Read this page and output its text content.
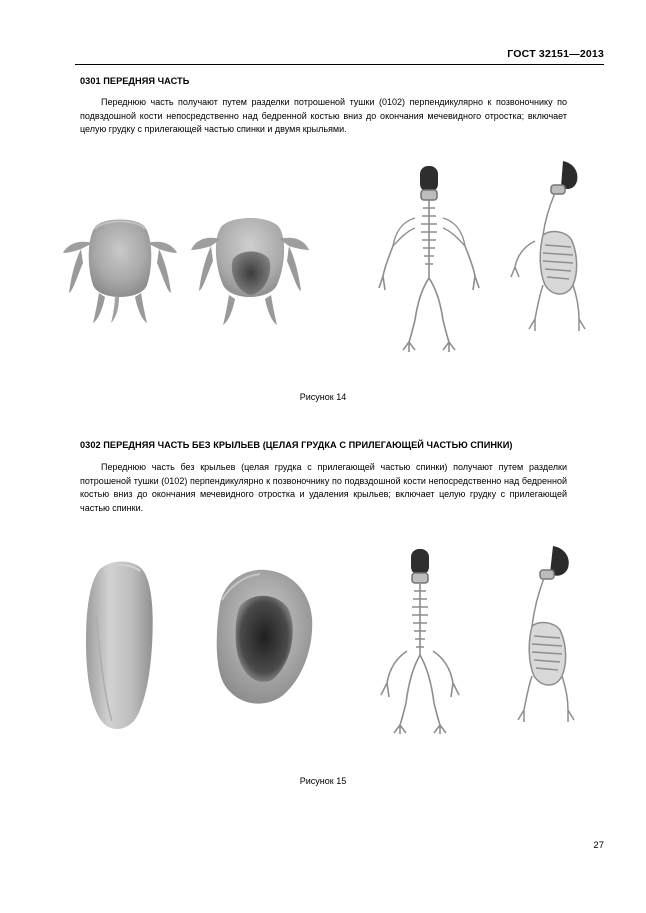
ГОСТ 32151—2013
0301 ПЕРЕДНЯЯ ЧАСТЬ
Переднюю часть получают путем разделки потрошеной тушки (0102) перпендикулярно к позвоночнику по подвздошной кости непосредственно над бедренной костью вниз до окончания мечевидного отростка; включает целую грудку с прилегающей частью спинки и двумя крыльями.
Рисунок 14
0302 ПЕРЕДНЯЯ ЧАСТЬ БЕЗ КРЫЛЬЕВ (ЦЕЛАЯ ГРУДКА С ПРИЛЕГАЮЩЕЙ ЧАСТЬЮ СПИНКИ)
Переднюю часть без крыльев (целая грудка с прилегающей частью спинки) получают путем разделки потрошеной тушки (0102) перпендикулярно к позвоночнику по подвздошной кости непосредственно над бедренной костью вниз до окончания мечевидного отростка и удаления крыльев; включает целую грудку с прилегающей частью спинки.
Рисунок 15
27
